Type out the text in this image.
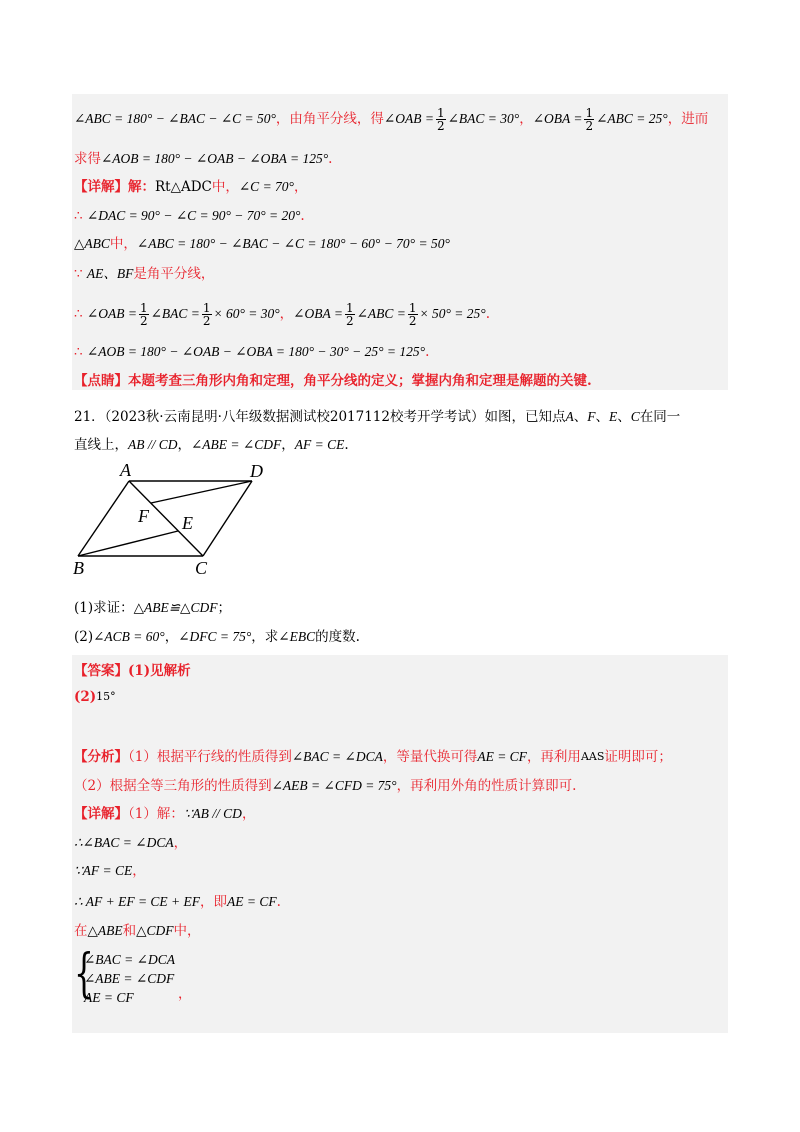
∠ABC = 180° − ∠BAC − ∠C = 50°，由角平分线，得∠OAB = $\frac{1}{2}$ ∠BAC = 30°，∠OBA = $\frac{1}{2}$ ∠ABC = 25°，进而
求得∠AOB = 180° − ∠OAB − ∠OBA = 125°.
【详解】解：Rt△ADC中，∠C = 70°，
∴ ∠DAC = 90° − ∠C = 90° − 70° = 20°.
△ABC中，∠ABC = 180° − ∠BAC − ∠C = 180° − 60° − 70° = 50°
∵ AE、BF是角平分线，
∴ ∠OAB = $\frac{1}{2}$ ∠BAC = $\frac{1}{2} \times 60^\circ = 30^\circ$，∠OBA = $\frac{1}{2}$ ∠ABC = $\frac{1}{2} \times 50^\circ = 25^\circ$.
∴ ∠AOB = 180° − ∠OAB − ∠OBA = 180° − 30° − 25° = 125°.
【点睛】本题考查三角形内角和定理，角平分线的定义；掌握内角和定理是解题的关键.
21．（2023秋·云南昆明·八年级数据测试校2017112校考开学考试）如图，已知点A、F、E、C在同一
直线上，AB // CD，∠ABE = ∠CDF，AF = CE.
A	D
F E
B	C
(1)求证：△ABE≌△CDF；
(2)∠ACB = 60°，∠DFC = 75°，求∠EBC的度数.
【答案】(1)见解析
$(2)^{15^\circ}$
【分析】（1）根据平行线的性质得到∠BAC = ∠DCA，等量代换可得AE = CF，再利用$^{AAS}$证明即可；
（2）根据全等三角形的性质得到∠AEB = ∠CFD = 75°，再利用外角的性质计算即可.
【详解】（1）解：∵AB // CD，
∴∠BAC = ∠DCA，
∵AF = CE，
∴ AF + EF = CE + EF，即AE = CF.
在△ABE和△CDF中，
{
∠BAC = ∠DCA
∠ABE = ∠CDF
AE = CF	，
